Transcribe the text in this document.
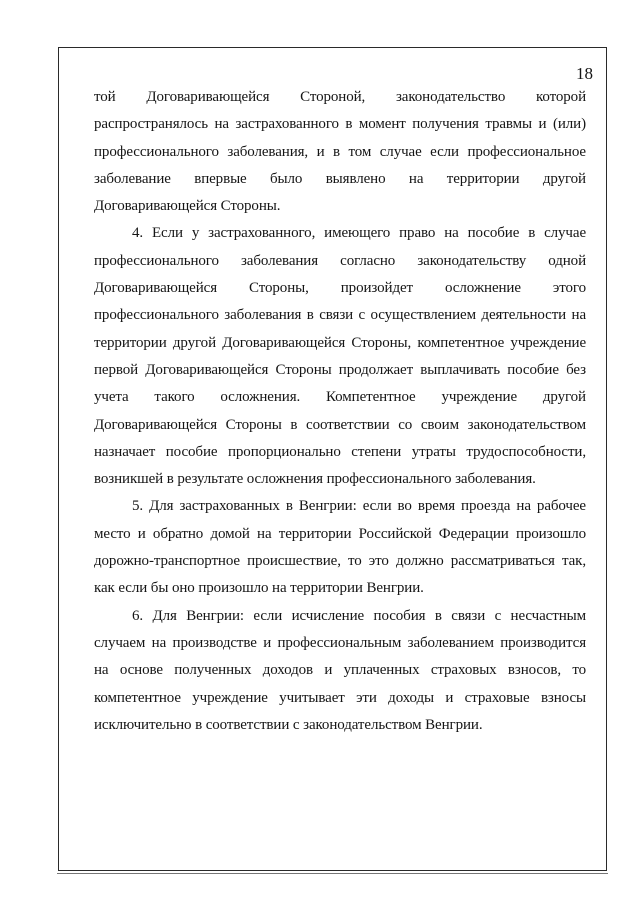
18

той Договаривающейся Стороной, законодательство которой распространялось на застрахованного в момент получения травмы и (или) профессионального заболевания, и в том случае если профессиональное заболевание впервые было выявлено на территории другой Договаривающейся Стороны.

4. Если у застрахованного, имеющего право на пособие в случае профессионального заболевания согласно законодательству одной Договаривающейся Стороны, произойдет осложнение этого профессионального заболевания в связи с осуществлением деятельности на территории другой Договаривающейся Стороны, компетентное учреждение первой Договаривающейся Стороны продолжает выплачивать пособие без учета такого осложнения. Компетентное учреждение другой Договаривающейся Стороны в соответствии со своим законодательством назначает пособие пропорционально степени утраты трудоспособности, возникшей в результате осложнения профессионального заболевания.

5. Для застрахованных в Венгрии: если во время проезда на рабочее место и обратно домой на территории Российской Федерации произошло дорожно-транспортное происшествие, то это должно рассматриваться так, как если бы оно произошло на территории Венгрии.

6. Для Венгрии: если исчисление пособия в связи с несчастным случаем на производстве и профессиональным заболеванием производится на основе полученных доходов и уплаченных страховых взносов, то компетентное учреждение учитывает эти доходы и страховые взносы исключительно в соответствии с законодательством Венгрии.
